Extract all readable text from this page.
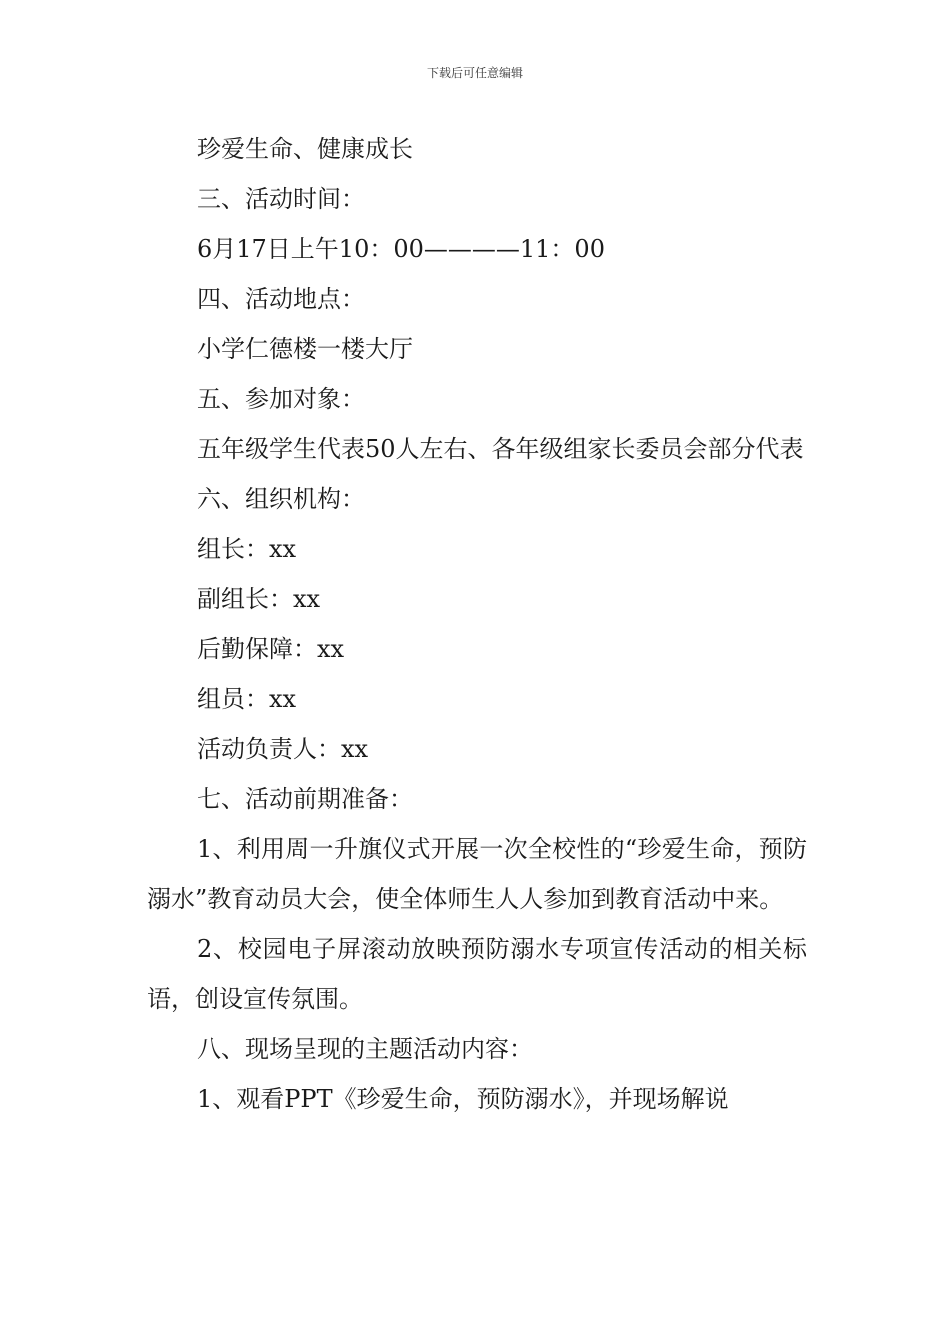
下载后可任意编辑
珍爱生命、健康成长
三、活动时间：
6月17日上午10：00————11：00
四、活动地点：
小学仁德楼一楼大厅
五、参加对象：
五年级学生代表50人左右、各年级组家长委员会部分代表
六、组织机构：
组长：xx
副组长：xx
后勤保障：xx
组员：xx
活动负责人：xx
七、活动前期准备：
1、利用周一升旗仪式开展一次全校性的“珍爱生命，预防溺水”教育动员大会，使全体师生人人参加到教育活动中来。
2、校园电子屏滚动放映预防溺水专项宣传活动的相关标语，创设宣传氛围。
八、现场呈现的主题活动内容：
1、观看PPT《珍爱生命，预防溺水》，并现场解说
